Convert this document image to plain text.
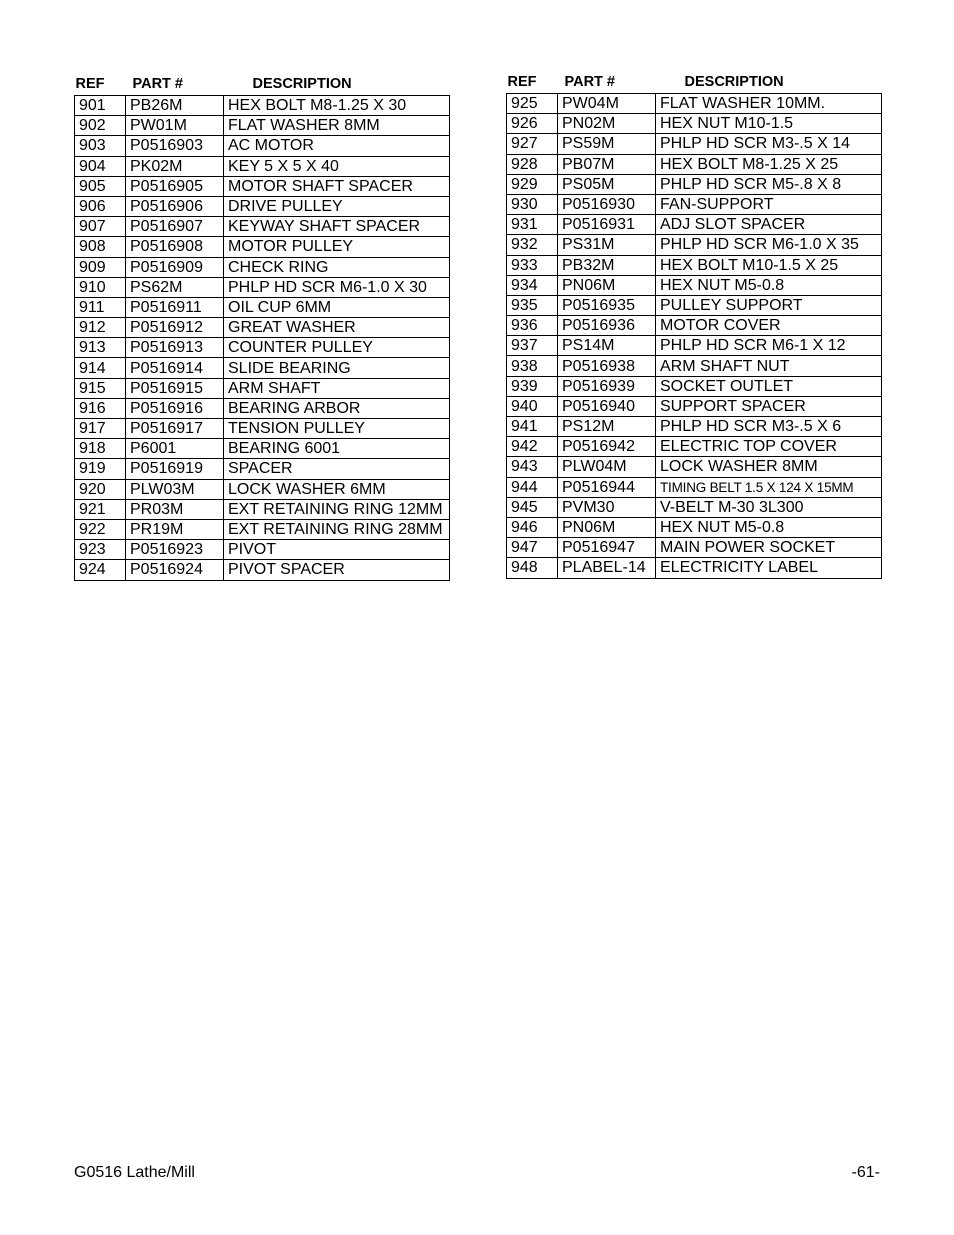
REF	PART #	DESCRIPTION
901	PB26M	HEX BOLT M8-1.25 X 30
902	PW01M	FLAT WASHER 8MM
903	P0516903	AC MOTOR
904	PK02M	KEY 5 X 5 X 40
905	P0516905	MOTOR SHAFT SPACER
906	P0516906	DRIVE PULLEY
907	P0516907	KEYWAY SHAFT SPACER
908	P0516908	MOTOR PULLEY
909	P0516909	CHECK RING
910	PS62M	PHLP HD SCR M6-1.0 X 30
911	P0516911	OIL CUP 6MM
912	P0516912	GREAT WASHER
913	P0516913	COUNTER PULLEY
914	P0516914	SLIDE BEARING
915	P0516915	ARM SHAFT
916	P0516916	BEARING ARBOR
917	P0516917	TENSION PULLEY
918	P6001	BEARING 6001
919	P0516919	SPACER
920	PLW03M	LOCK WASHER 6MM
921	PR03M	EXT RETAINING RING 12MM
922	PR19M	EXT RETAINING RING 28MM
923	P0516923	PIVOT
924	P0516924	PIVOT SPACER
REF	PART #	DESCRIPTION
925	PW04M	FLAT WASHER 10MM.
926	PN02M	HEX NUT M10-1.5
927	PS59M	PHLP HD SCR M3-.5 X 14
928	PB07M	HEX BOLT M8-1.25 X 25
929	PS05M	PHLP HD SCR M5-.8 X 8
930	P0516930	FAN-SUPPORT
931	P0516931	ADJ SLOT SPACER
932	PS31M	PHLP HD SCR M6-1.0 X 35
933	PB32M	HEX BOLT M10-1.5 X 25
934	PN06M	HEX NUT M5-0.8
935	P0516935	PULLEY SUPPORT
936	P0516936	MOTOR COVER
937	PS14M	PHLP HD SCR M6-1 X 12
938	P0516938	ARM SHAFT NUT
939	P0516939	SOCKET OUTLET
940	P0516940	SUPPORT SPACER
941	PS12M	PHLP HD SCR M3-.5 X 6
942	P0516942	ELECTRIC TOP COVER
943	PLW04M	LOCK WASHER 8MM
944	P0516944	TIMING BELT 1.5 X 124 X 15MM
945	PVM30	V-BELT M-30 3L300
946	PN06M	HEX NUT M5-0.8
947	P0516947	MAIN POWER SOCKET
948	PLABEL-14	ELECTRICITY LABEL
G0516 Lathe/Mill	-61-
